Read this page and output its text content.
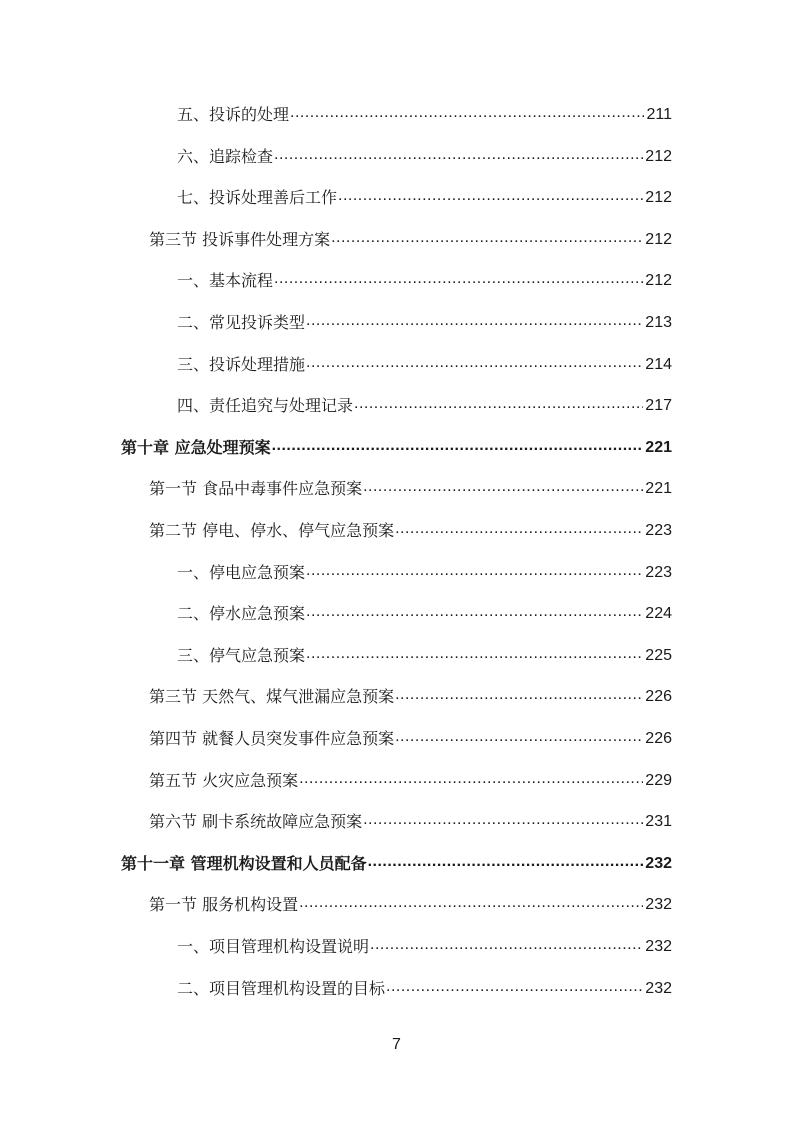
五、投诉的处理 .....	211
六、追踪检查 .....	212
七、投诉处理善后工作 .....	212
第三节 投诉事件处理方案 .....	212
一、基本流程 .....	212
二、常见投诉类型 .....	213
三、投诉处理措施 .....	214
四、责任追究与处理记录 .....	217
第十章 应急处理预案 .....	221
第一节 食品中毒事件应急预案 .....	221
第二节 停电、停水、停气应急预案 .....	223
一、停电应急预案 .....	223
二、停水应急预案 .....	224
三、停气应急预案 .....	225
第三节 天然气、煤气泄漏应急预案 .....	226
第四节 就餐人员突发事件应急预案 .....	226
第五节 火灾应急预案 .....	229
第六节 刷卡系统故障应急预案 .....	231
第十一章 管理机构设置和人员配备 .....	232
第一节 服务机构设置 .....	232
一、项目管理机构设置说明 .....	232
二、项目管理机构设置的目标 .....	232
7
